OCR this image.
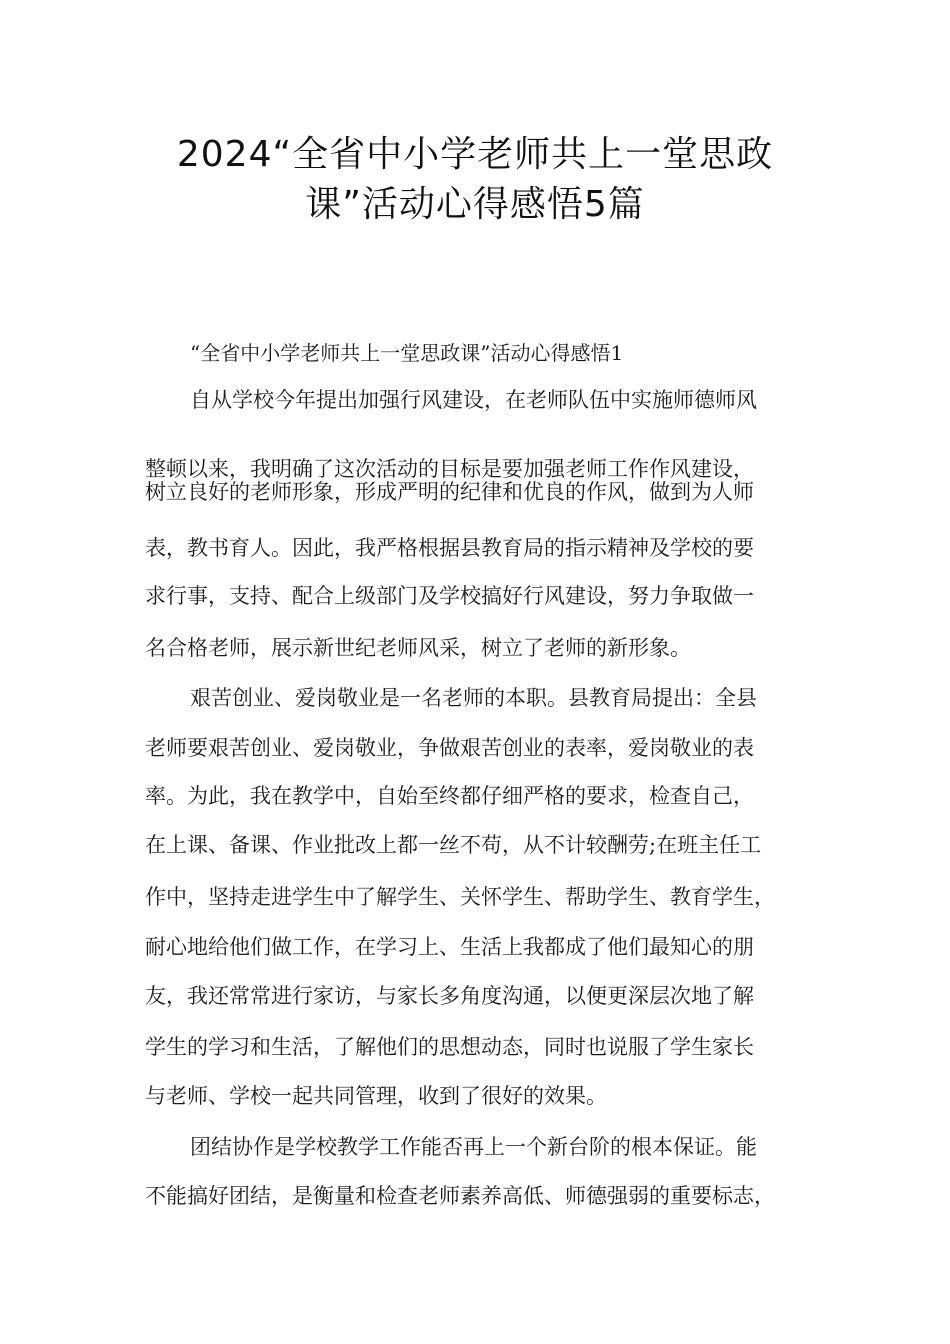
2024“全省中小学老师共上一堂思政
课”活动心得感悟5篇

“全省中小学老师共上一堂思政课”活动心得感悟1

自从学校今年提出加强行风建设，在老师队伍中实施师德师风

整顿以来，我明确了这次活动的目标是要加强老师工作作风建设，

树立良好的老师形象，形成严明的纪律和优良的作风，做到为人师

表，教书育人。因此，我严格根据县教育局的指示精神及学校的要

求行事，支持、配合上级部门及学校搞好行风建设，努力争取做一

名合格老师，展示新世纪老师风采，树立了老师的新形象。

艰苦创业、爱岗敬业是一名老师的本职。县教育局提出：全县

老师要艰苦创业、爱岗敬业，争做艰苦创业的表率，爱岗敬业的表

率。为此，我在教学中，自始至终都仔细严格的要求，检查自己，

在上课、备课、作业批改上都一丝不苟，从不计较酬劳;在班主任工

作中，坚持走进学生中了解学生、关怀学生、帮助学生、教育学生，

耐心地给他们做工作，在学习上、生活上我都成了他们最知心的朋

友，我还常常进行家访，与家长多角度沟通，以便更深层次地了解

学生的学习和生活，了解他们的思想动态，同时也说服了学生家长

与老师、学校一起共同管理，收到了很好的效果。

团结协作是学校教学工作能否再上一个新台阶的根本保证。能

不能搞好团结，是衡量和检查老师素养高低、师德强弱的重要标志，
